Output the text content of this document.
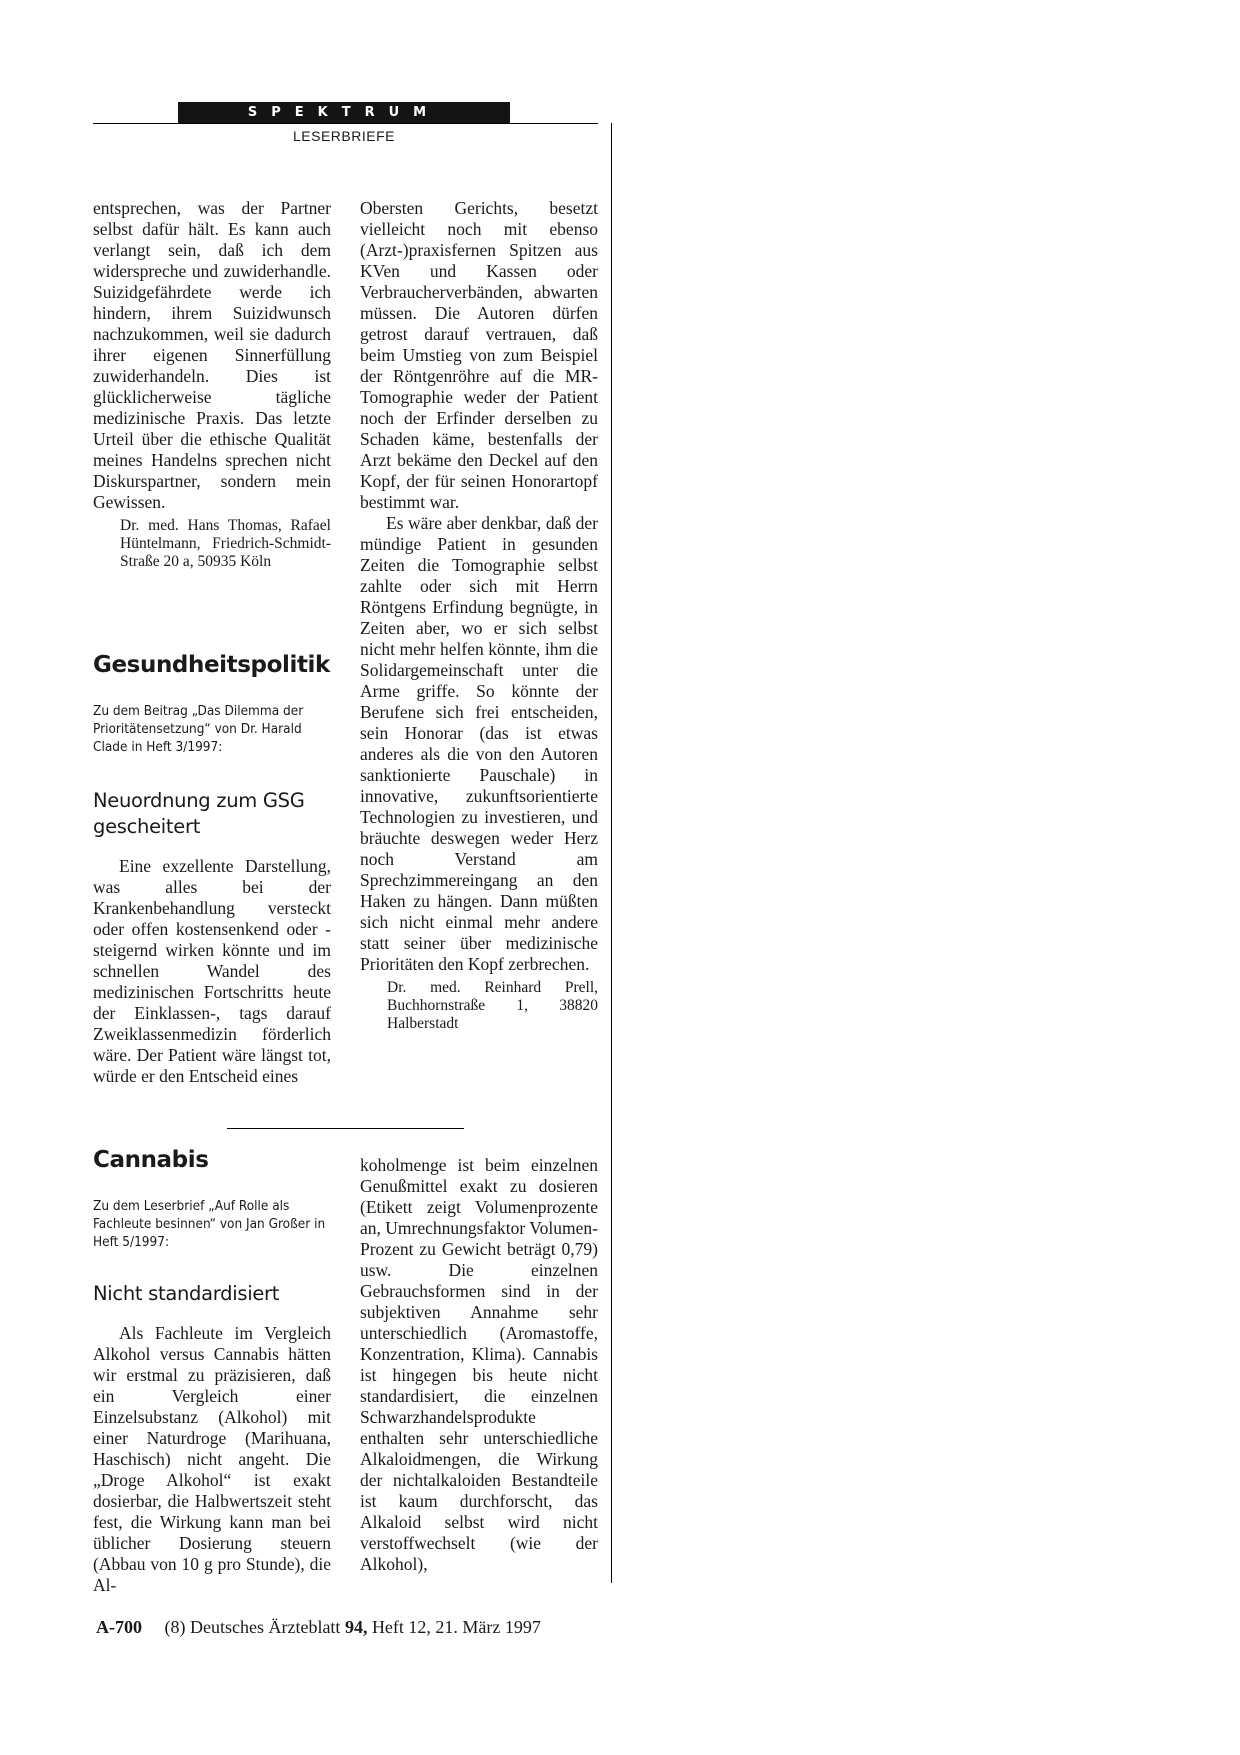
SPEKTRUM
LESERBRIEFE

entsprechen, was der Partner selbst dafür hält. Es kann auch verlangt sein, daß ich dem widerspreche und zuwiderhandle. Suizidgefährdete werde ich hindern, ihrem Suizidwunsch nachzukommen, weil sie dadurch ihrer eigenen Sinnerfüllung zuwiderhandeln. Dies ist glücklicherweise tägliche medizinische Praxis. Das letzte Urteil über die ethische Qualität meines Handelns sprechen nicht Diskurspartner, sondern mein Gewissen.

Dr. med. Hans Thomas, Rafael Hüntelmann, Friedrich-Schmidt-Straße 20 a, 50935 Köln

Gesundheitspolitik
Zu dem Beitrag „Das Dilemma der Prioritätensetzung“ von Dr. Harald Clade in Heft 3/1997:
Neuordnung zum GSG gescheitert

Eine exzellente Darstellung, was alles bei der Krankenbehandlung versteckt oder offen kostensenkend oder -steigernd wirken könnte und im schnellen Wandel des medizinischen Fortschritts heute der Einklassen-, tags darauf Zweiklassenmedizin förderlich wäre. Der Patient wäre längst tot, würde er den Entscheid eines

Obersten Gerichts, besetzt vielleicht noch mit ebenso (Arzt-)praxisfernen Spitzen aus KVen und Kassen oder Verbraucherverbänden, abwarten müssen. Die Autoren dürfen getrost darauf vertrauen, daß beim Umstieg von zum Beispiel der Röntgenröhre auf die MR-Tomographie weder der Patient noch der Erfinder derselben zu Schaden käme, bestenfalls der Arzt bekäme den Deckel auf den Kopf, der für seinen Honorartopf bestimmt war.

Es wäre aber denkbar, daß der mündige Patient in gesunden Zeiten die Tomographie selbst zahlte oder sich mit Herrn Röntgens Erfindung begnügte, in Zeiten aber, wo er sich selbst nicht mehr helfen könnte, ihm die Solidargemeinschaft unter die Arme griffe. So könnte der Berufene sich frei entscheiden, sein Honorar (das ist etwas anderes als die von den Autoren sanktionierte Pauschale) in innovative, zukunftsorientierte Technologien zu investieren, und bräuchte deswegen weder Herz noch Verstand am Sprechzimmereingang an den Haken zu hängen. Dann müßten sich nicht einmal mehr andere statt seiner über medizinische Prioritäten den Kopf zerbrechen.

Dr. med. Reinhard Prell, Buchhornstraße 1, 38820 Halberstadt

Cannabis
Zu dem Leserbrief „Auf Rolle als Fachleute besinnen“ von Jan Großer in Heft 5/1997:
Nicht standardisiert

Als Fachleute im Vergleich Alkohol versus Cannabis hätten wir erstmal zu präzisieren, daß ein Vergleich einer Einzelsubstanz (Alkohol) mit einer Naturdroge (Marihuana, Haschisch) nicht angeht. Die „Droge Alkohol“ ist exakt dosierbar, die Halbwertszeit steht fest, die Wirkung kann man bei üblicher Dosierung steuern (Abbau von 10 g pro Stunde), die Al-

koholmenge ist beim einzelnen Genußmittel exakt zu dosieren (Etikett zeigt Volumenprozente an, Umrechnungsfaktor Volumen-Prozent zu Gewicht beträgt 0,79) usw. Die einzelnen Gebrauchsformen sind in der subjektiven Annahme sehr unterschiedlich (Aromastoffe, Konzentration, Klima). Cannabis ist hingegen bis heute nicht standardisiert, die einzelnen Schwarzhandelsprodukte enthalten sehr unterschiedliche Alkaloidmengen, die Wirkung der nichtalkaloiden Bestandteile ist kaum durchforscht, das Alkaloid selbst wird nicht verstoffwechselt (wie der Alkohol),

A-700 (8) Deutsches Ärzteblatt 94, Heft 12, 21. März 1997
